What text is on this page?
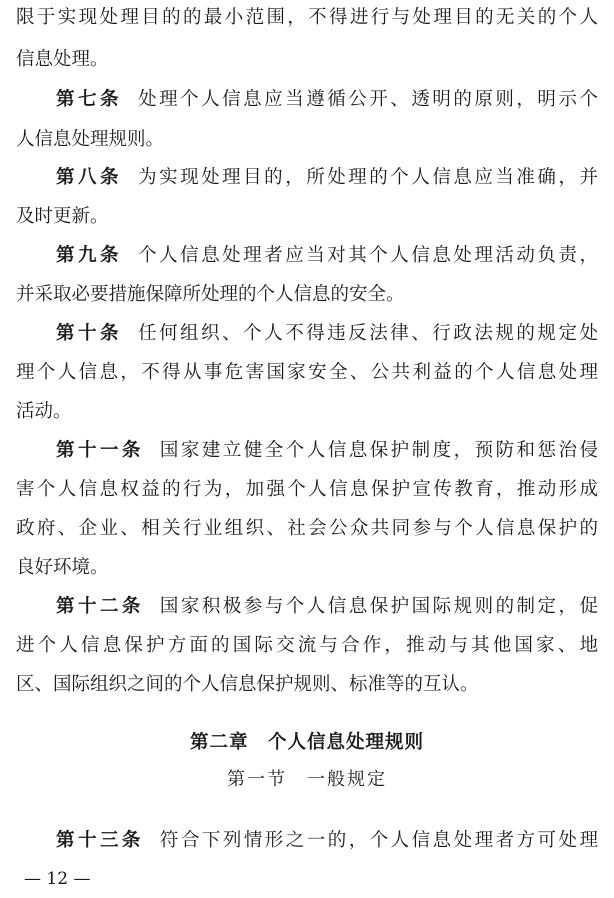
限于实现处理目的的最小范围，不得进行与处理目的无关的个人
信息处理。
第七条 处理个人信息应当遵循公开、透明的原则，明示个
人信息处理规则。
第八条 为实现处理目的，所处理的个人信息应当准确，并
及时更新。
第九条 个人信息处理者应当对其个人信息处理活动负责，
并采取必要措施保障所处理的个人信息的安全。
第十条 任何组织、个人不得违反法律、行政法规的规定处
理个人信息，不得从事危害国家安全、公共利益的个人信息处理
活动。
第十一条 国家建立健全个人信息保护制度，预防和惩治侵
害个人信息权益的行为，加强个人信息保护宣传教育，推动形成
政府、企业、相关行业组织、社会公众共同参与个人信息保护的
良好环境。
第十二条 国家积极参与个人信息保护国际规则的制定，促
进个人信息保护方面的国际交流与合作，推动与其他国家、地
区、国际组织之间的个人信息保护规则、标准等的互认。
第二章　个人信息处理规则
第一节　一般规定
第十三条 符合下列情形之一的，个人信息处理者方可处理
— 12 —
